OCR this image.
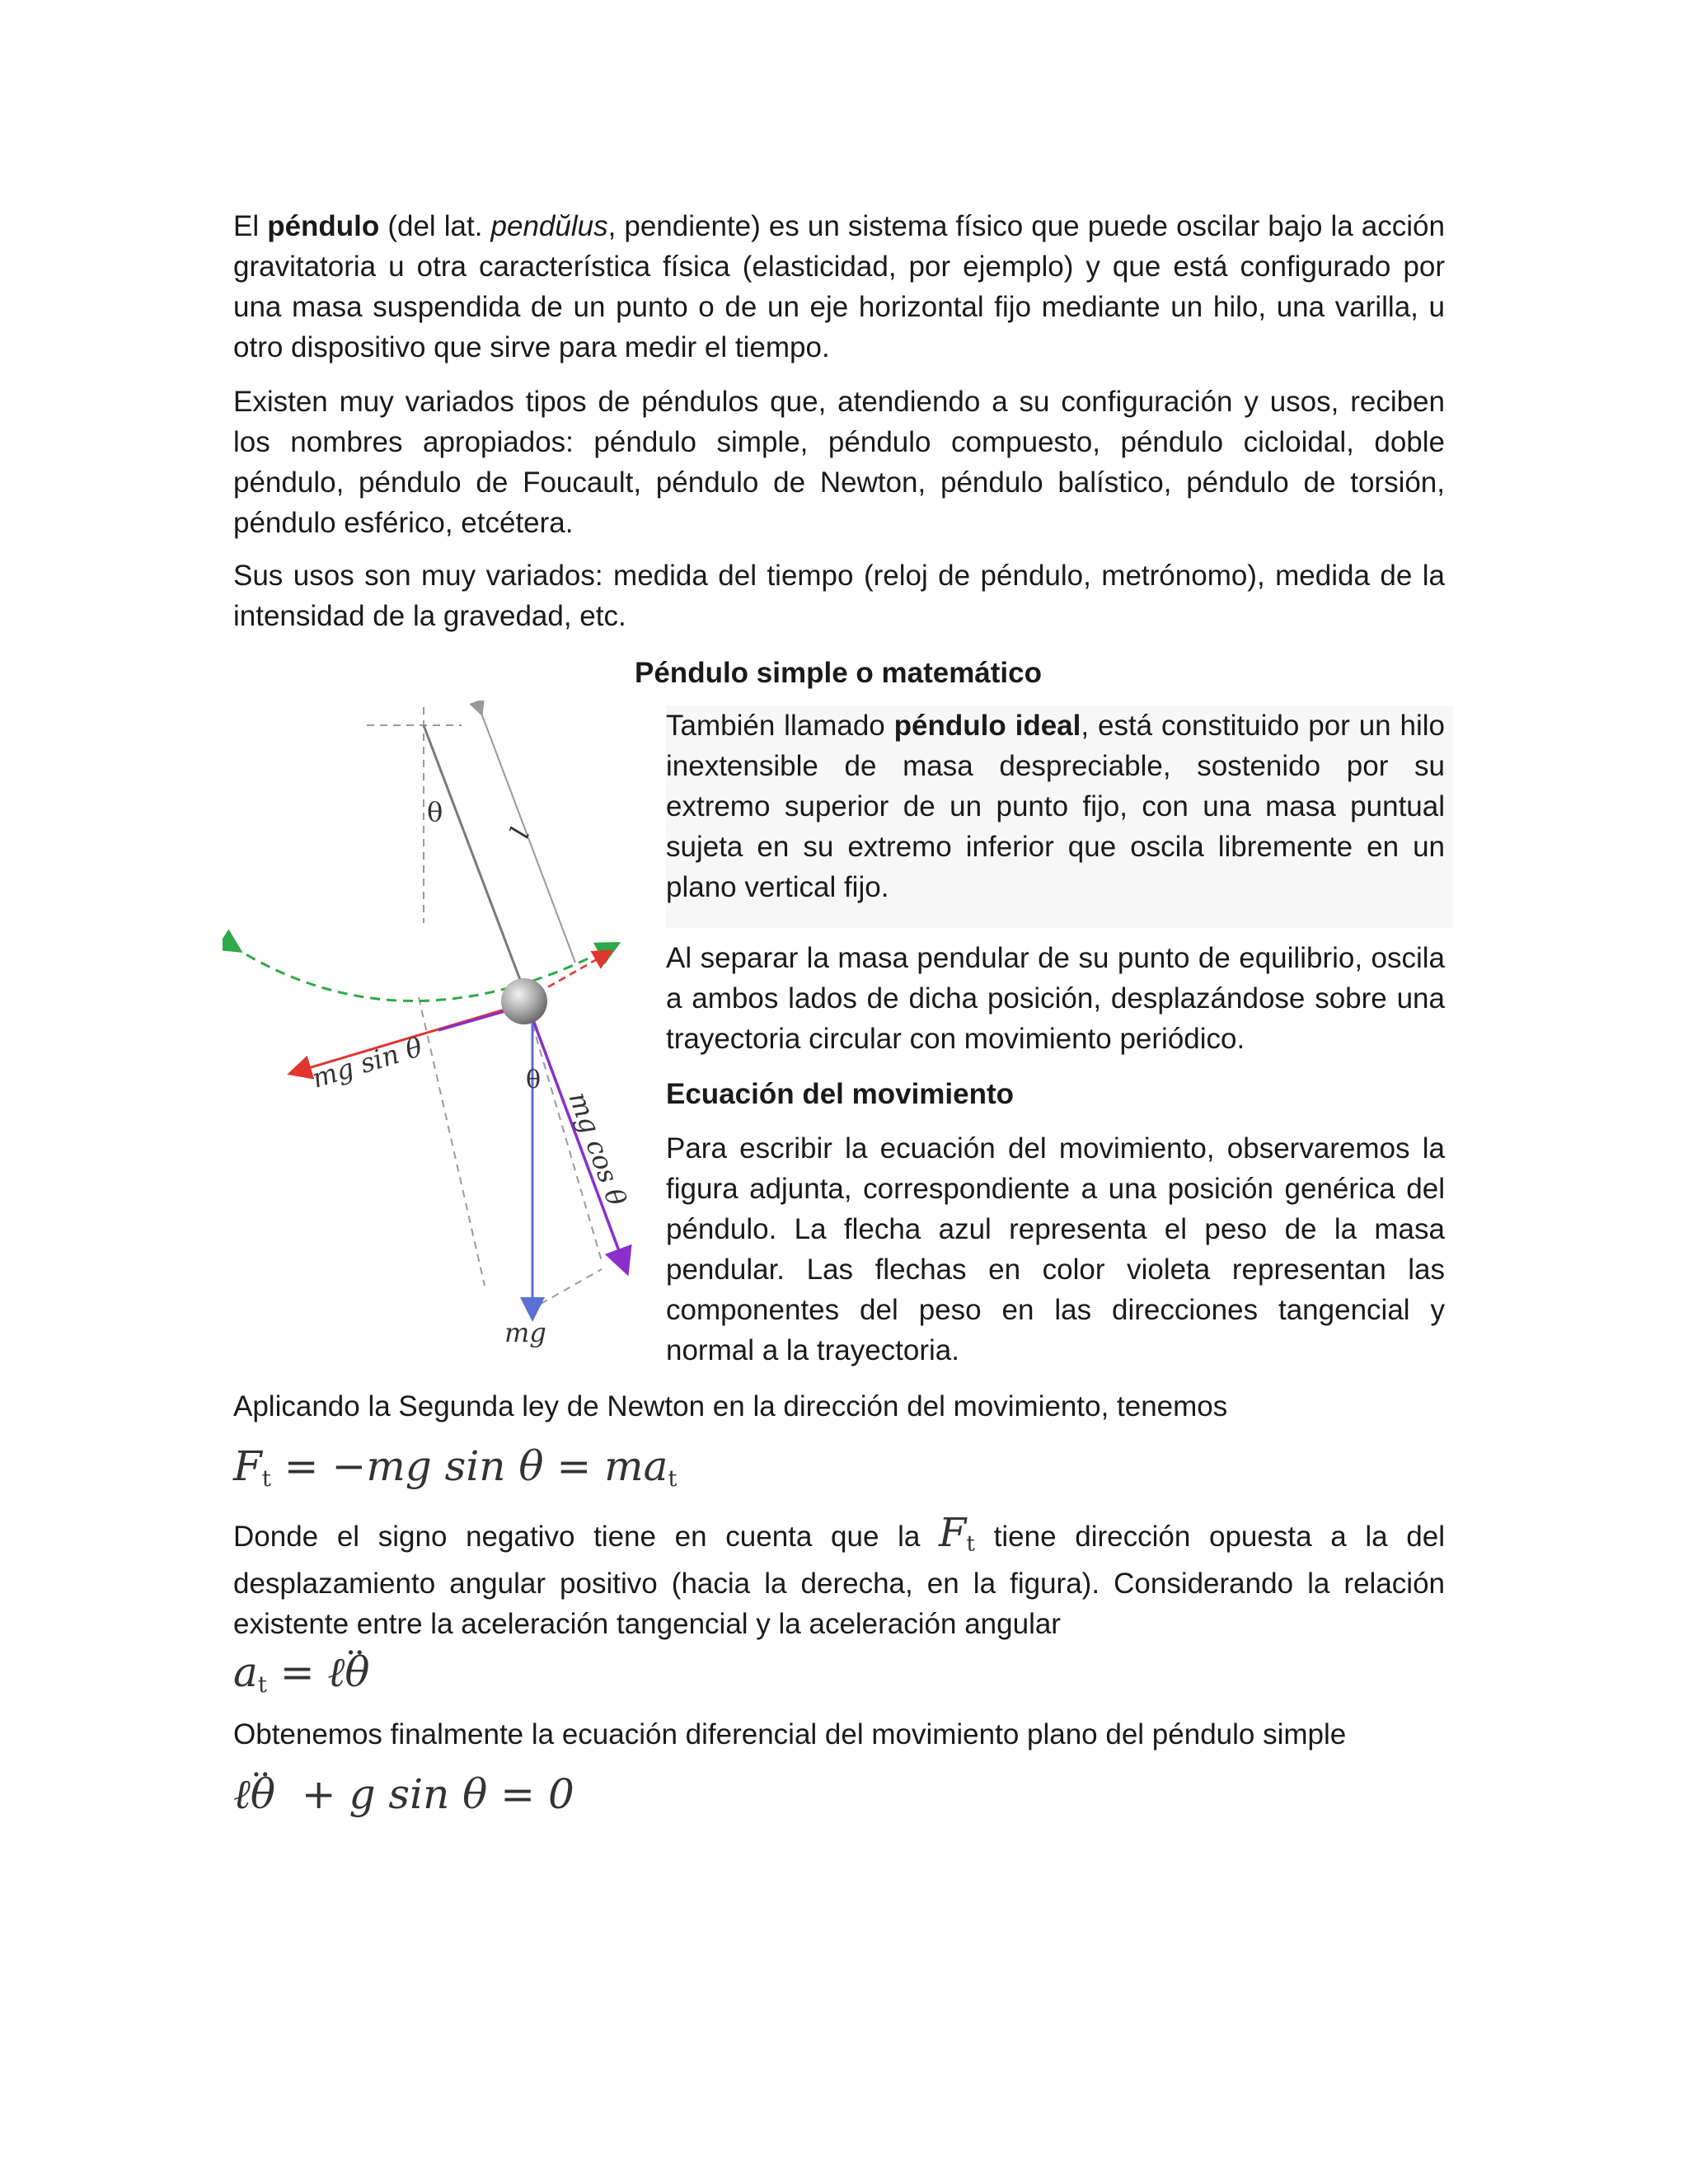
El péndulo (del lat. pendŭlus, pendiente) es un sistema físico que puede oscilar bajo la acción gravitatoria u otra característica física (elasticidad, por ejemplo) y que está configurado por una masa suspendida de un punto o de un eje horizontal fijo mediante un hilo, una varilla, u otro dispositivo que sirve para medir el tiempo.
Existen muy variados tipos de péndulos que, atendiendo a su configuración y usos, reciben los nombres apropiados: péndulo simple, péndulo compuesto, péndulo cicloidal, doble péndulo, péndulo de Foucault, péndulo de Newton, péndulo balístico, péndulo de torsión, péndulo esférico, etcétera.
Sus usos son muy variados: medida del tiempo (reloj de péndulo, metrónomo), medida de la intensidad de la gravedad, etc.
Péndulo simple o matemático
θ
l
mg sin θ	θ
mg cos θ
mg
También llamado péndulo ideal, está constituido por un hilo inextensible de masa despreciable, sostenido por su extremo superior de un punto fijo, con una masa puntual sujeta en su extremo inferior que oscila libremente en un plano vertical fijo.
Al separar la masa pendular de su punto de equilibrio, oscila a ambos lados de dicha posición, desplazándose sobre una trayectoria circular con movimiento periódico.
Ecuación del movimiento
Para escribir la ecuación del movimiento, observaremos la figura adjunta, correspondiente a una posición genérica del péndulo. La flecha azul representa el peso de la masa pendular. Las flechas en color violeta representan las componentes del peso en las direcciones tangencial y normal a la trayectoria.
Aplicando la Segunda ley de Newton en la dirección del movimiento, tenemos
$F_t = -mg$ $\sin \theta = ma_t$
Donde el signo negativo tiene en cuenta que la $F_t$ tiene dirección opuesta a la del desplazamiento angular positivo (hacia la derecha, en la figura). Considerando la relación existente entre la aceleración tangencial y la aceleración angular
$a_t$ = ℓ·· θ
Obtenemos finalmente la ecuación diferencial del movimiento plano del péndulo simple
ℓ·· θ  + g sin θ = 0
